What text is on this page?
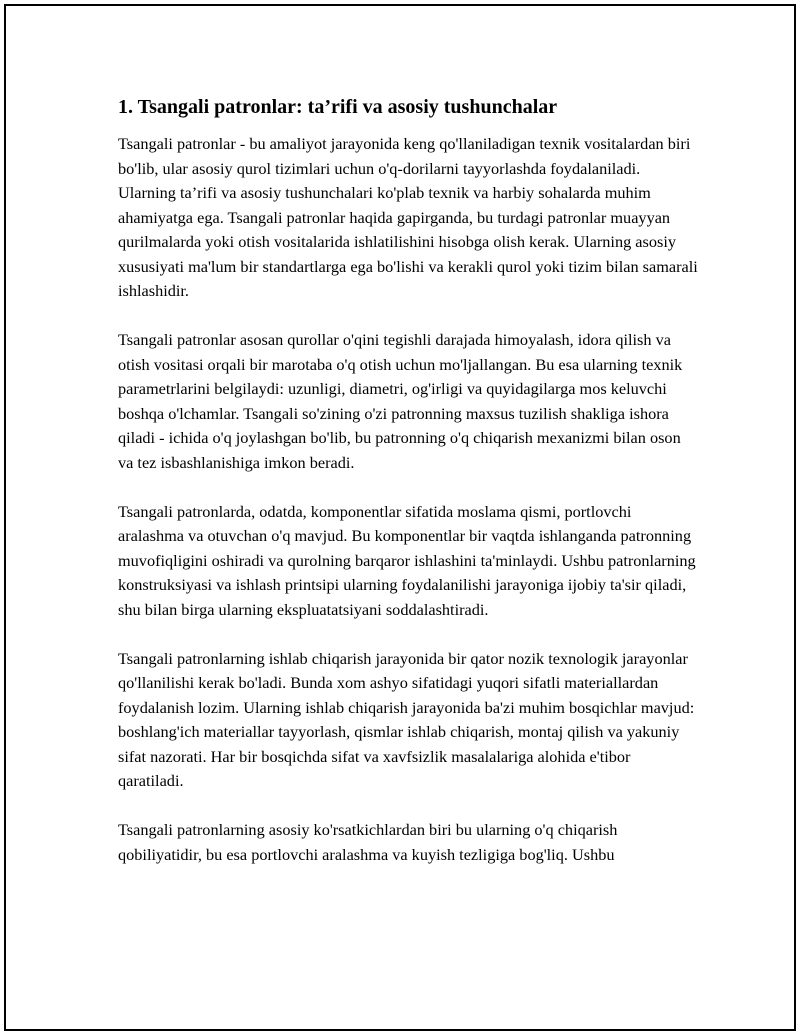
1. Tsangali patronlar: ta’rifi va asosiy tushunchalar

Tsangali patronlar - bu amaliyot jarayonida keng qo'llaniladigan texnik vositalardan biri bo'lib, ular asosiy qurol tizimlari uchun o'q-dorilarni tayyorlashda foydalaniladi. Ularning ta’rifi va asosiy tushunchalari ko'plab texnik va harbiy sohalarda muhim ahamiyatga ega. Tsangali patronlar haqida gapirganda, bu turdagi patronlar muayyan qurilmalarda yoki otish vositalarida ishlatilishini hisobga olish kerak. Ularning asosiy xususiyati ma'lum bir standartlarga ega bo'lishi va kerakli qurol yoki tizim bilan samarali ishlashidir.

Tsangali patronlar asosan qurollar o'qini tegishli darajada himoyalash, idora qilish va otish vositasi orqali bir marotaba o'q otish uchun mo'ljallangan. Bu esa ularning texnik parametrlarini belgilaydi: uzunligi, diametri, og'irligi va quyidagilarga mos keluvchi boshqa o'lchamlar. Tsangali so'zining o'zi patronning maxsus tuzilish shakliga ishora qiladi - ichida o'q joylashgan bo'lib, bu patronning o'q chiqarish mexanizmi bilan oson va tez isbashlanishiga imkon beradi.

Tsangali patronlarda, odatda, komponentlar sifatida moslama qismi, portlovchi aralashma va otuvchan o'q mavjud. Bu komponentlar bir vaqtda ishlanganda patronning muvofiqligini oshiradi va qurolning barqaror ishlashini ta'minlaydi. Ushbu patronlarning konstruksiyasi va ishlash printsipi ularning foydalanilishi jarayoniga ijobiy ta'sir qiladi, shu bilan birga ularning ekspluatatsiyani soddalashtiradi.

Tsangali patronlarning ishlab chiqarish jarayonida bir qator nozik texnologik jarayonlar qo'llanilishi kerak bo'ladi. Bunda xom ashyo sifatidagi yuqori sifatli materiallardan foydalanish lozim. Ularning ishlab chiqarish jarayonida ba'zi muhim bosqichlar mavjud: boshlang'ich materiallar tayyorlash, qismlar ishlab chiqarish, montaj qilish va yakuniy sifat nazorati. Har bir bosqichda sifat va xavfsizlik masalalariga alohida e'tibor qaratiladi.

Tsangali patronlarning asosiy ko'rsatkichlardan biri bu ularning o'q chiqarish qobiliyatidir, bu esa portlovchi aralashma va kuyish tezligiga bog'liq. Ushbu
